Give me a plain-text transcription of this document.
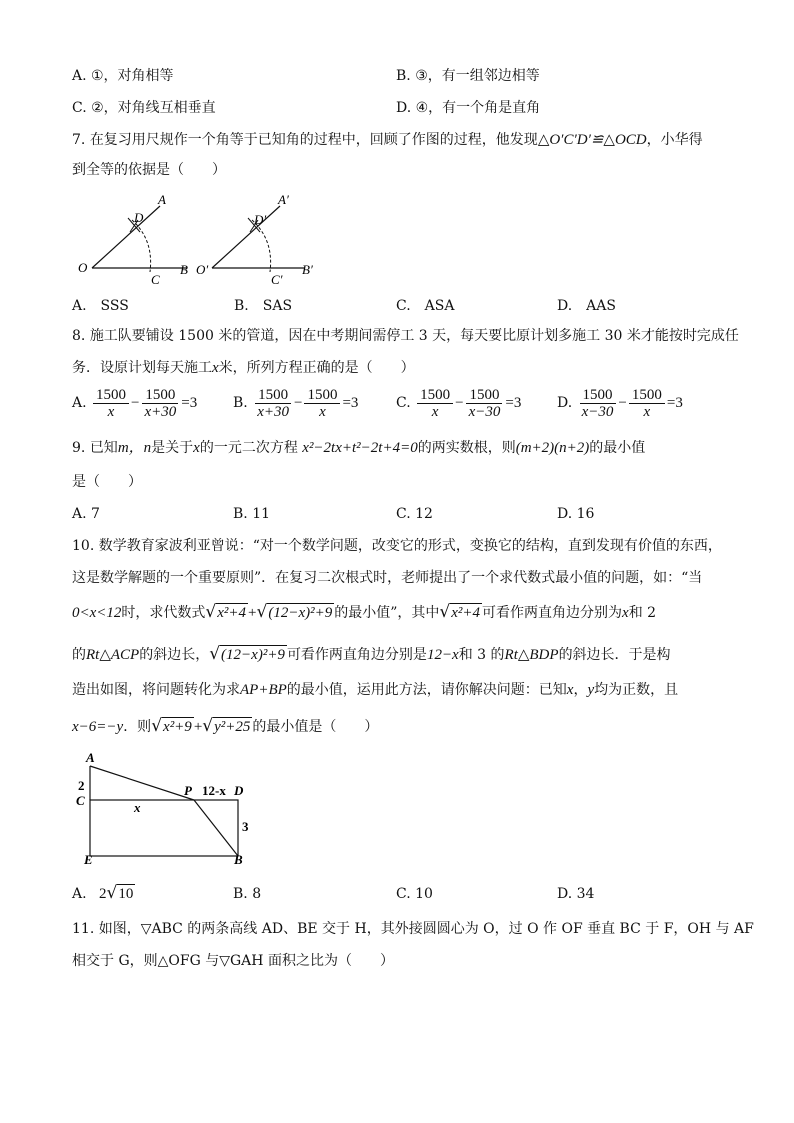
A. ①，对角相等	B. ③，有一组邻边相等
C. ②，对角线互相垂直	D. ④，有一个角是直角
7. 在复习用尺规作一个角等于已知角的过程中，回顾了作图的过程，他发现△O′C′D′≌△OCD，小华得
到全等的依据是（　　）
O
C
B
D
A
O′
C′
B′
D′
A′
A.　SSS	B.　SAS	C.　ASA	D.　AAS
8. 施工队要铺设 1500 米的管道，因在中考期间需停工 3 天，每天要比原计划多施工 30 米才能按时完成任
务．设原计划每天施工x米，所列方程正确的是（　　）
A. $\frac{1500}{x} - \frac{1500}{x+30} =3$	B. $\frac{1500}{x+30} - \frac{1500}{x} =3$	C. $\frac{1500}{x} - \frac{1500}{x-30} =3$	D. $\frac{1500}{x-30} - \frac{1500}{x} =3$
9. 已知m，n是关于x的一元二次方程 x²−2tx+t²−2t+4=0的两实数根，则(m+2)(n+2)的最小值
是（　　）
A. 7	B. 11	C. 12	D. 16
10. 数学教育家波利亚曾说：“对一个数学问题，改变它的形式，变换它的结构，直到发现有价值的东西，
这是数学解题的一个重要原则”．在复习二次根式时，老师提出了一个求代数式最小值的问题，如：“当
0<x<12时，求代数式√x²+4 +√(12−x)²+9 的最小值”，其中√x²+4 可看作两直角边分别为x和 2
的Rt△ACP的斜边长，√(12−x)²+9 可看作两直角边分别是12−x和 3 的Rt△BDP的斜边长．于是构
造出如图，将问题转化为求AP+BP的最小值，运用此方法，请你解决问题：已知x，y均为正数，且
x−6=−y．则√x²+9 +√y²+25 的最小值是（　　）
A
2
C
E
x
P 12-x D
3
B
A. 2√10	B. 8	C. 10	D. 34
11. 如图，▽ABC 的两条高线 AD、BE 交于 H，其外接圆圆心为 O，过 O 作 OF 垂直 BC 于 F，OH 与 AF
相交于 G，则△OFG 与▽GAH 面积之比为（　　）
